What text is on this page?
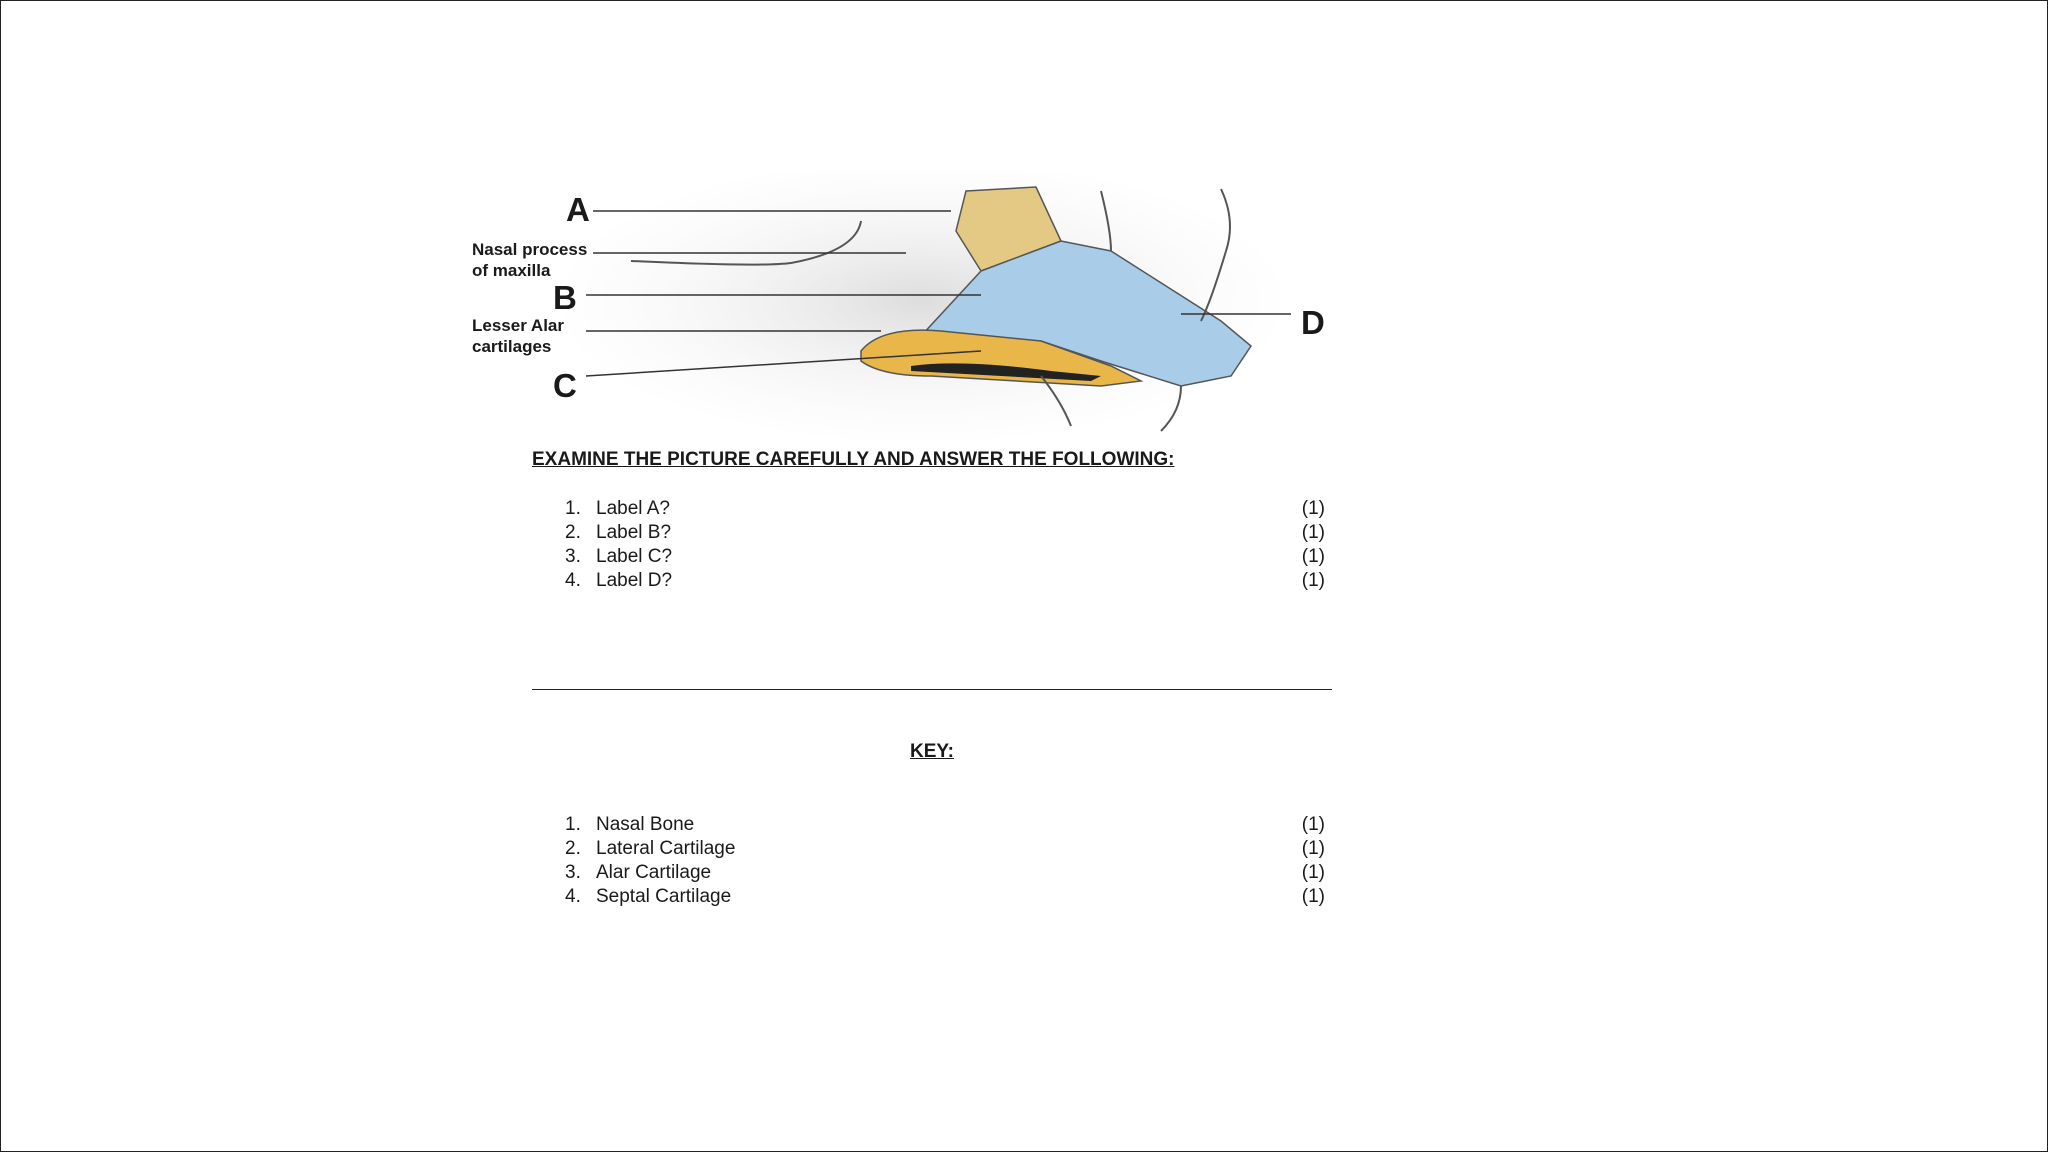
A
Nasal process
of maxilla
B
Lesser Alar
cartilages
C
D
EXAMINE THE PICTURE CAREFULLY AND ANSWER THE FOLLOWING:
1. Label A?	(1)
2. Label B?	(1)
3. Label C?	(1)
4. Label D?	(1)
KEY:
1. Nasal Bone	(1)
2. Lateral Cartilage	(1)
3. Alar Cartilage	(1)
4. Septal Cartilage	(1)
